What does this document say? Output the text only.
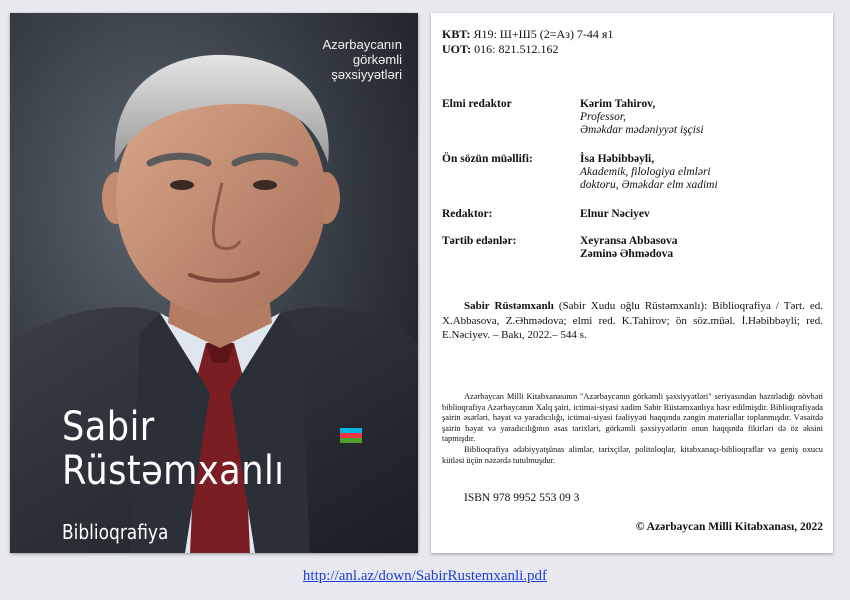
Azərbaycanın
görkəmli
şəxsiyyətləri
Sabir
Rüstəmxanlı
Biblioqrafiya
KBT: Я19: Ш+Ш5 (2=Аз) 7-44 я1
UOT: 016: 821.512.162
Elmi redaktor	Kərim Tahirov,
Professor,
Əməkdar mədəniyyət işçisi
Ön sözün müəllifi:	İsa Həbibbəyli,
Akademik, filologiya elmləri
doktoru, Əməkdar elm xadimi
Redaktor:	Elnur Nəciyev
Tərtib edənlər:	Xeyransa Abbasova
Zəminə Əhmədova
Sabir Rüstəmxanlı (Sabir Xudu oğlu Rüstəmxanlı): Biblioqrafiya / Tərt. ed. X.Abbasova, Z.Əhmədova; elmi red. K.Tahirov; ön söz.müəl. İ.Həbibbəyli; red. E.Nəciyev. – Bakı, 2022.– 544 s.

Azərbaycan Milli Kitabxanasının "Azərbaycanın görkəmli şəxsiyyətləri" seriyasından hazırladığı növbəti biblioqrafiya Azərbaycanın Xalq şairi, ictimai-siyasi xadim Sabir Rüstəmxanlıya həsr edilmişdir. Biblioqrafiyada şairin əsərləri, həyat və yaradıcılığı, ictimai-siyasi fəaliyyəti haqqında zəngin materiallar toplanmışdır. Vəsaitdə şairin həyat və yaradıcılığının əsas tarixləri, görkəmli şəxsiyyətlərin onun haqqında fikirləri də öz əksini tapmışdır.

Biblioqrafiya ədəbiyyatşünas alimlər, tarixçilər, politoloqlar, kitabxanaçı-biblioqraflar və geniş oxucu kütləsi üçün nəzərdə tutulmuşdur.

ISBN 978 9952 553 09 3
© Azərbaycan Milli Kitabxanası, 2022
http://anl.az/down/SabirRustemxanli.pdf
